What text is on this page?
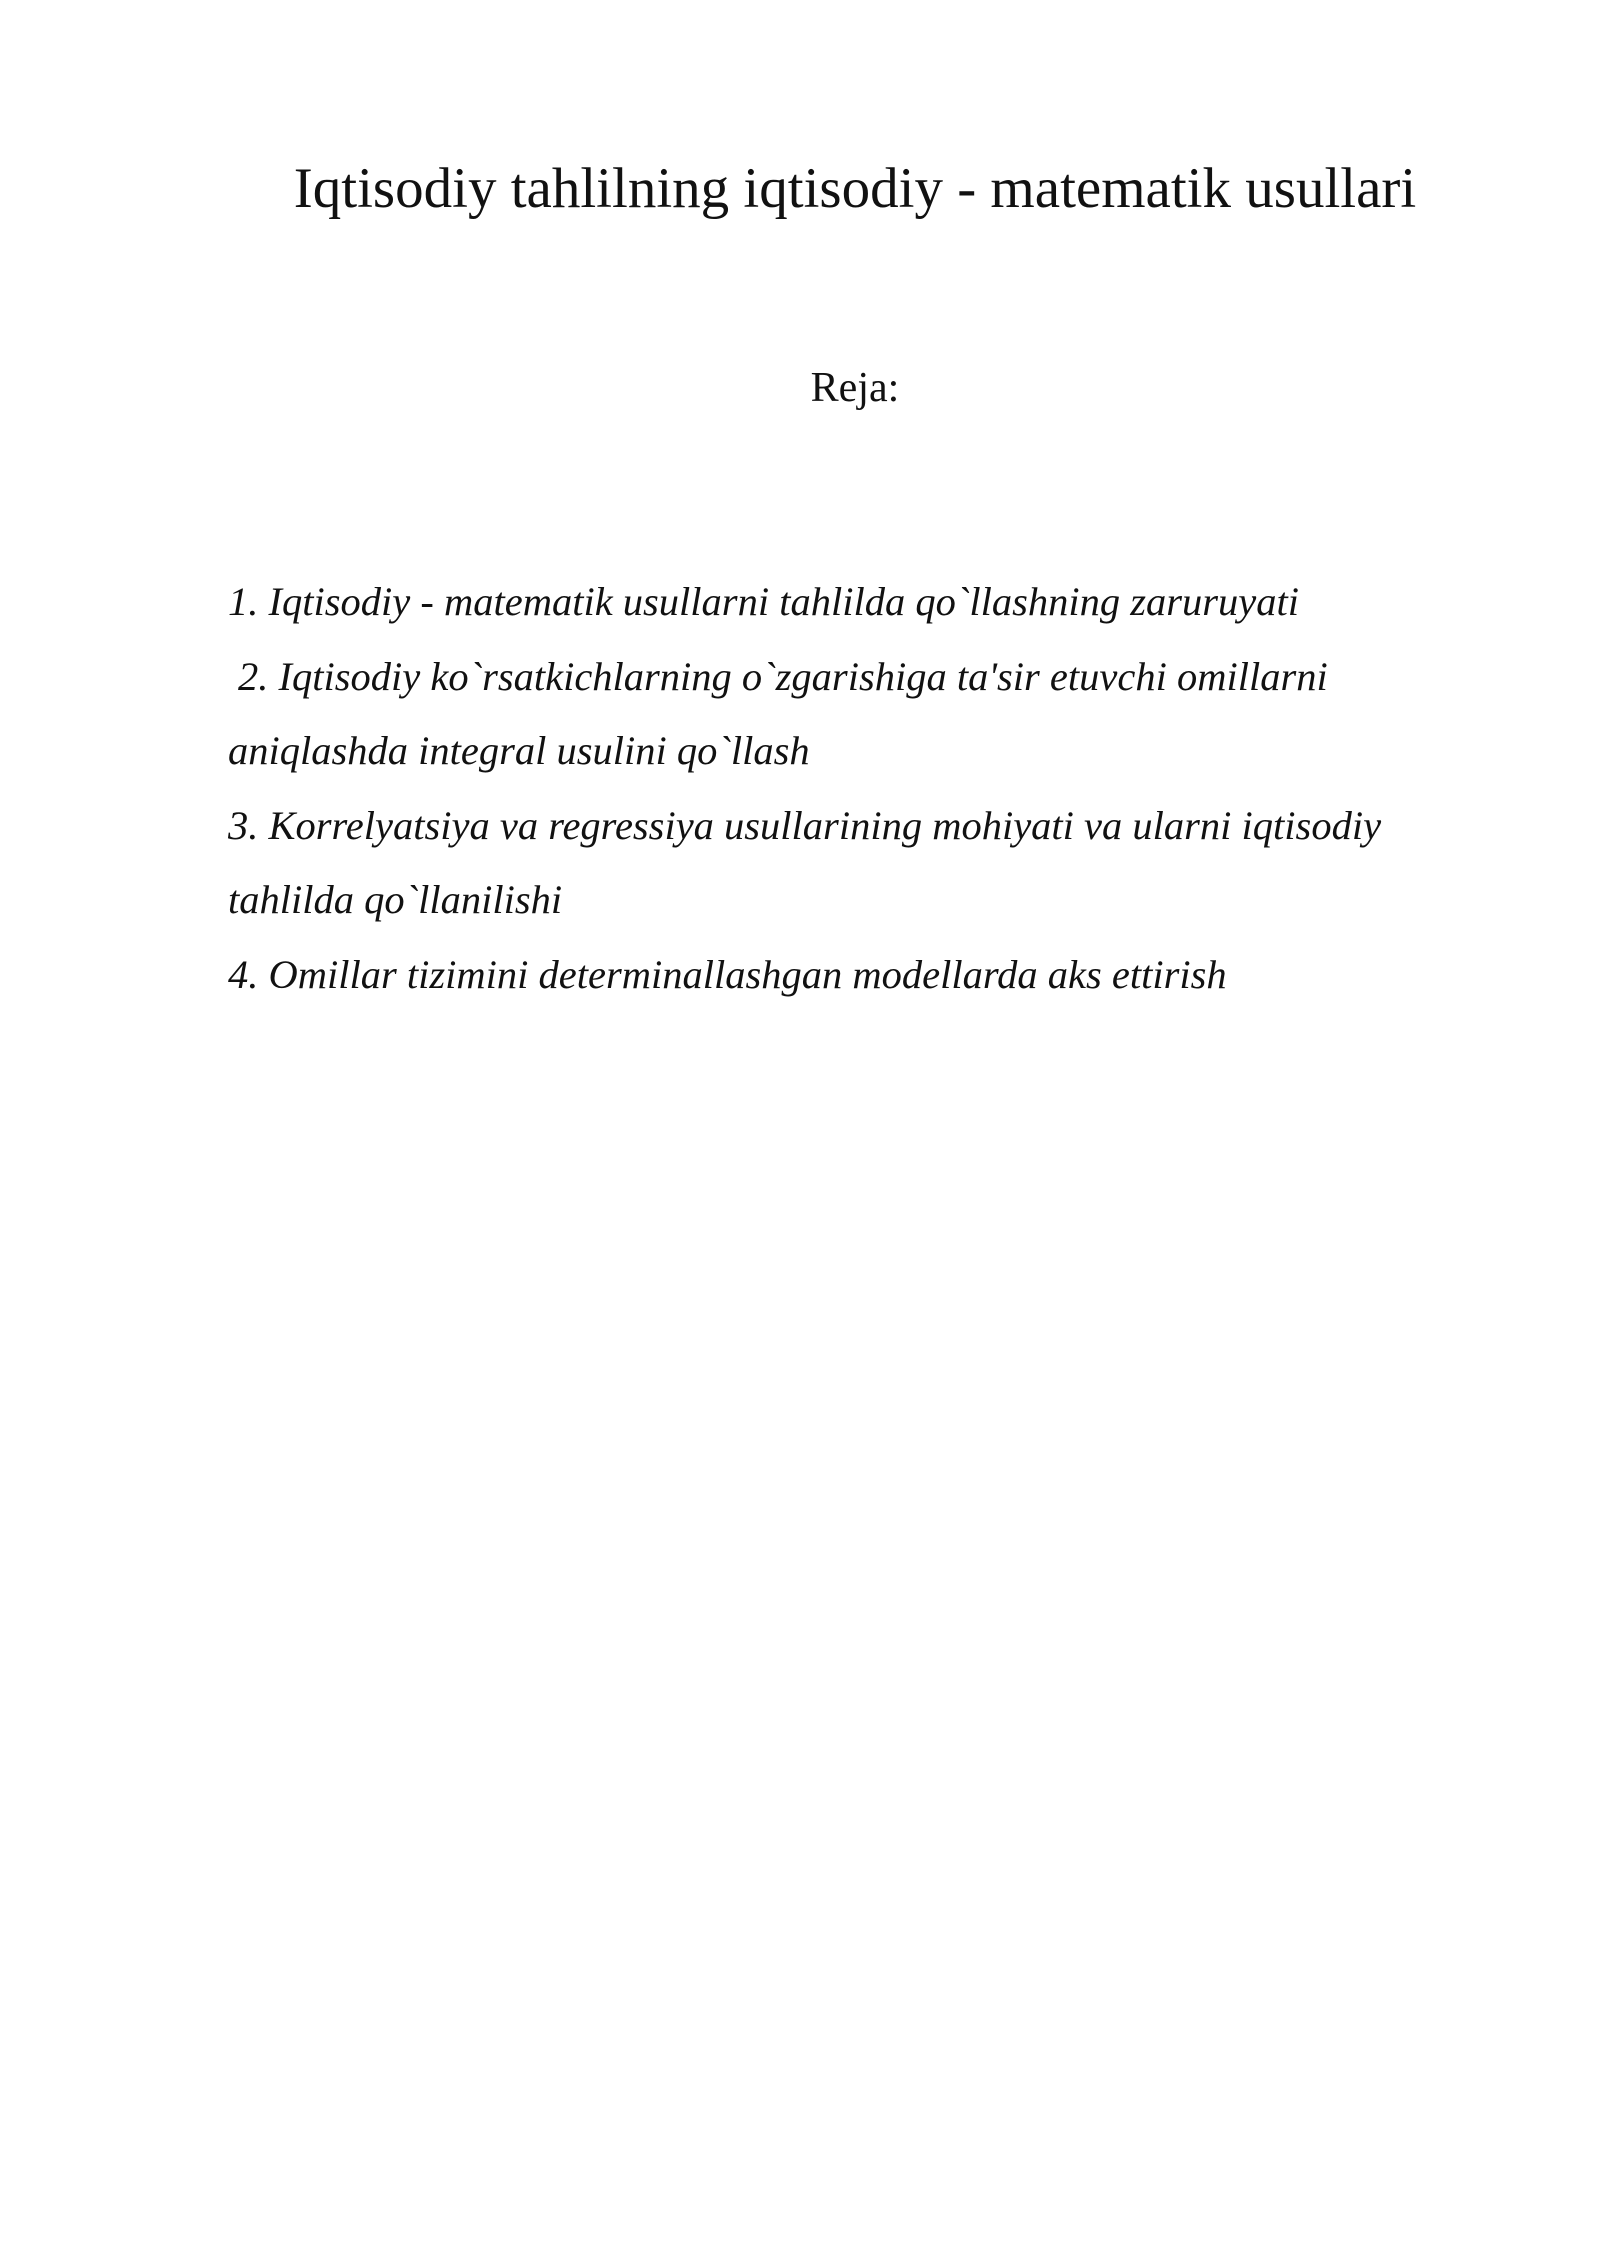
Iqtisodiy tahlilning iqtisodiy - matematik usullari
Reja:
1. Iqtisodiy - matematik usullarni tahlilda qo`llashning zaruruyati
2. Iqtisodiy ko`rsatkichlarning o`zgarishiga ta'sir etuvchi omillarni aniqlashda integral usulini qo`llash
3. Korrelyatsiya va regressiya usullarining mohiyati va ularni iqtisodiy tahlilda qo`llanilishi
4. Omillar tizimini determinallashgan modellarda aks ettirish
